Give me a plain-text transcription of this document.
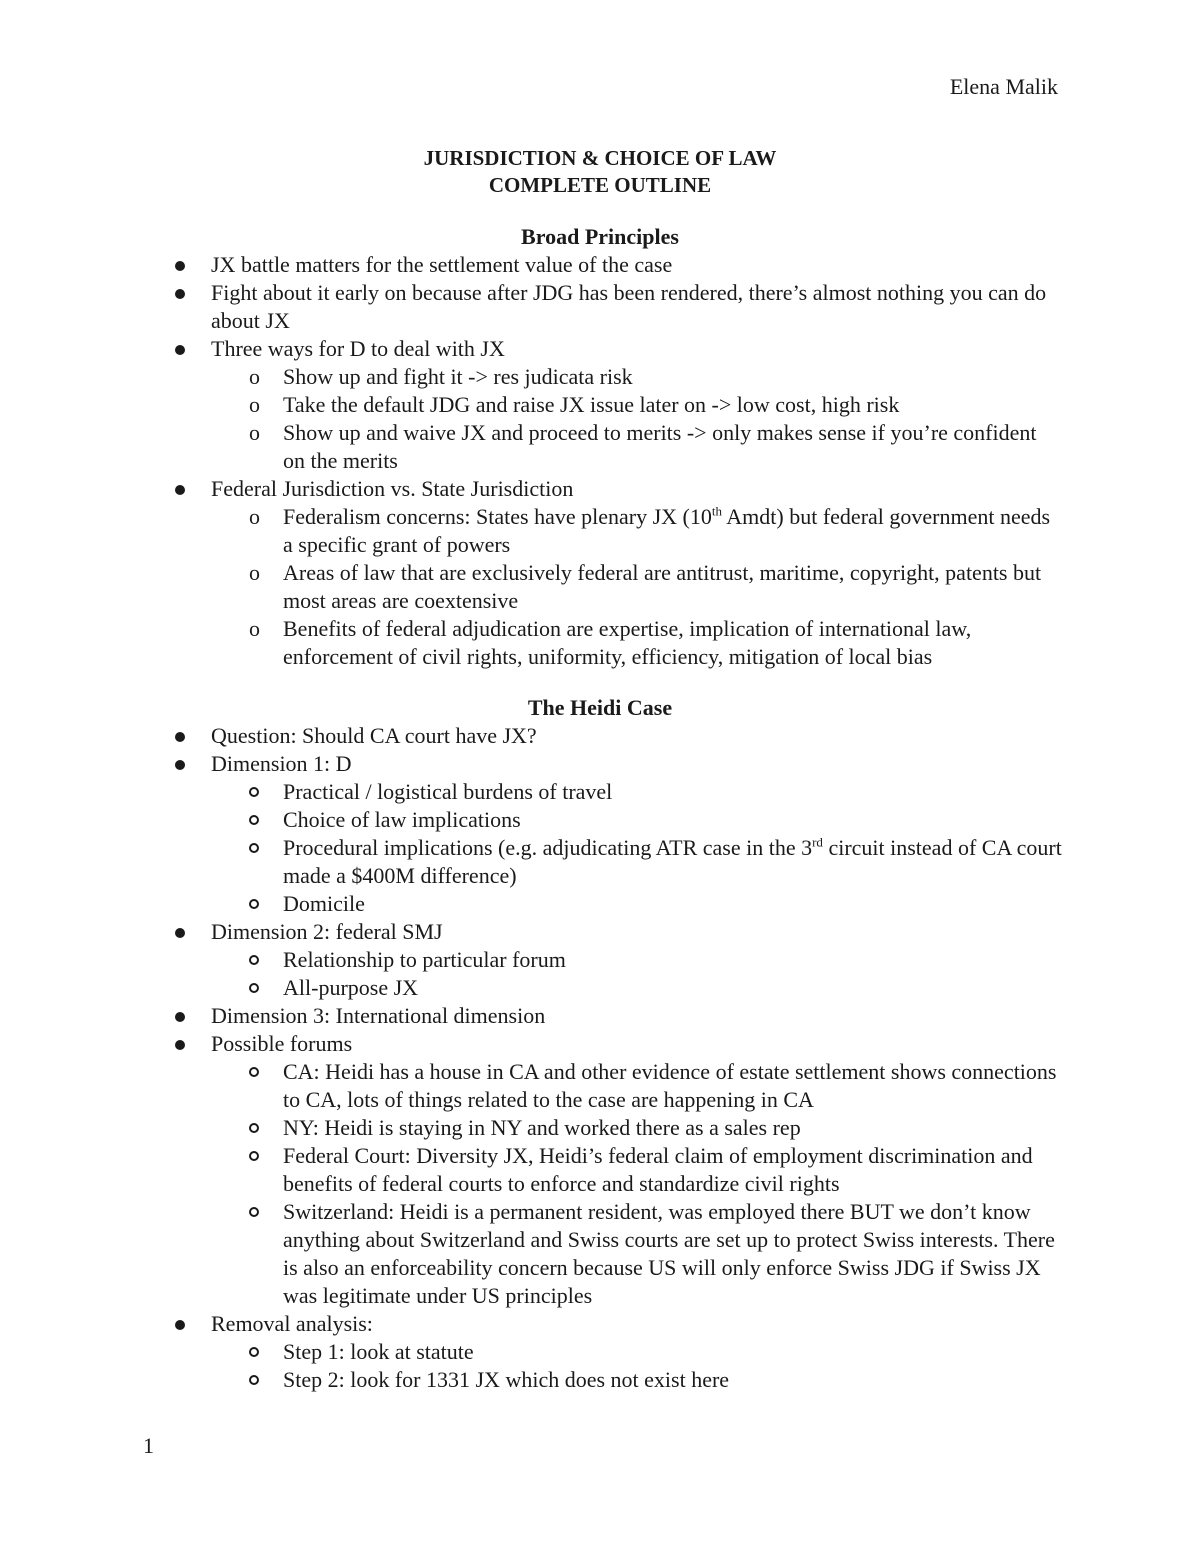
Elena Malik
JURISDICTION & CHOICE OF LAW
COMPLETE OUTLINE
Broad Principles
JX battle matters for the settlement value of the case
Fight about it early on because after JDG has been rendered, there’s almost nothing you can do about JX
Three ways for D to deal with JX
o Show up and fight it -> res judicata risk
o Take the default JDG and raise JX issue later on -> low cost, high risk
o Show up and waive JX and proceed to merits -> only makes sense if you’re confident on the merits
Federal Jurisdiction vs. State Jurisdiction
o Federalism concerns: States have plenary JX (10th Amdt) but federal government needs a specific grant of powers
o Areas of law that are exclusively federal are antitrust, maritime, copyright, patents but most areas are coextensive
o Benefits of federal adjudication are expertise, implication of international law, enforcement of civil rights, uniformity, efficiency, mitigation of local bias
The Heidi Case
Question: Should CA court have JX?
Dimension 1: D
Practical / logistical burdens of travel
Choice of law implications
Procedural implications (e.g. adjudicating ATR case in the 3rd circuit instead of CA court made a $400M difference)
Domicile
Dimension 2: federal SMJ
Relationship to particular forum
All-purpose JX
Dimension 3: International dimension
Possible forums
CA: Heidi has a house in CA and other evidence of estate settlement shows connections to CA, lots of things related to the case are happening in CA
NY: Heidi is staying in NY and worked there as a sales rep
Federal Court: Diversity JX, Heidi’s federal claim of employment discrimination and benefits of federal courts to enforce and standardize civil rights
Switzerland: Heidi is a permanent resident, was employed there BUT we don’t know anything about Switzerland and Swiss courts are set up to protect Swiss interests. There is also an enforceability concern because US will only enforce Swiss JDG if Swiss JX was legitimate under US principles
Removal analysis:
Step 1: look at statute
Step 2: look for 1331 JX which does not exist here
1
